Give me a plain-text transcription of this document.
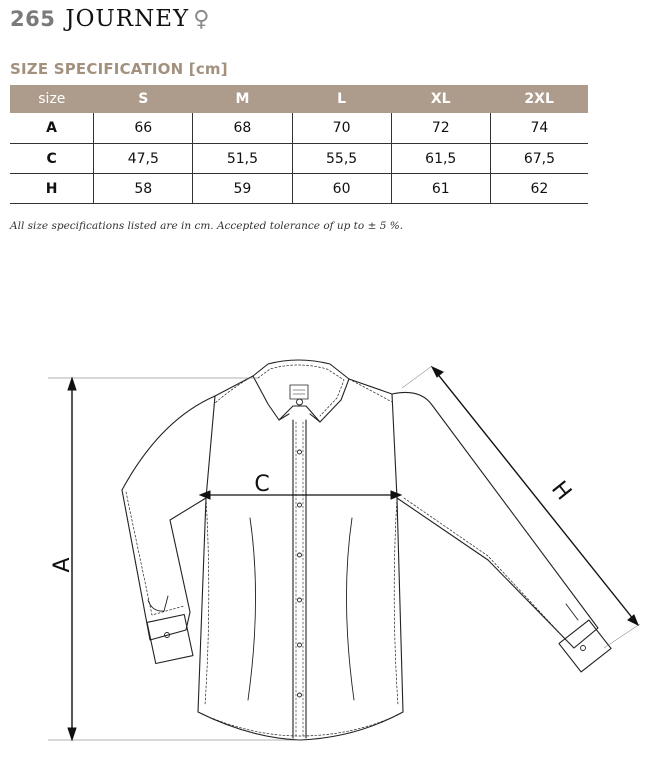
265 JOURNEY ♀
SIZE SPECIFICATION [cm]
size	S	M	L	XL	2XL
A	66	68	70	72	74
C	47,5	51,5	55,5	61,5	67,5
H	58	59	60	61	62
All size specifications listed are in cm. Accepted tolerance of up to ± 5 %.
A
C	H
